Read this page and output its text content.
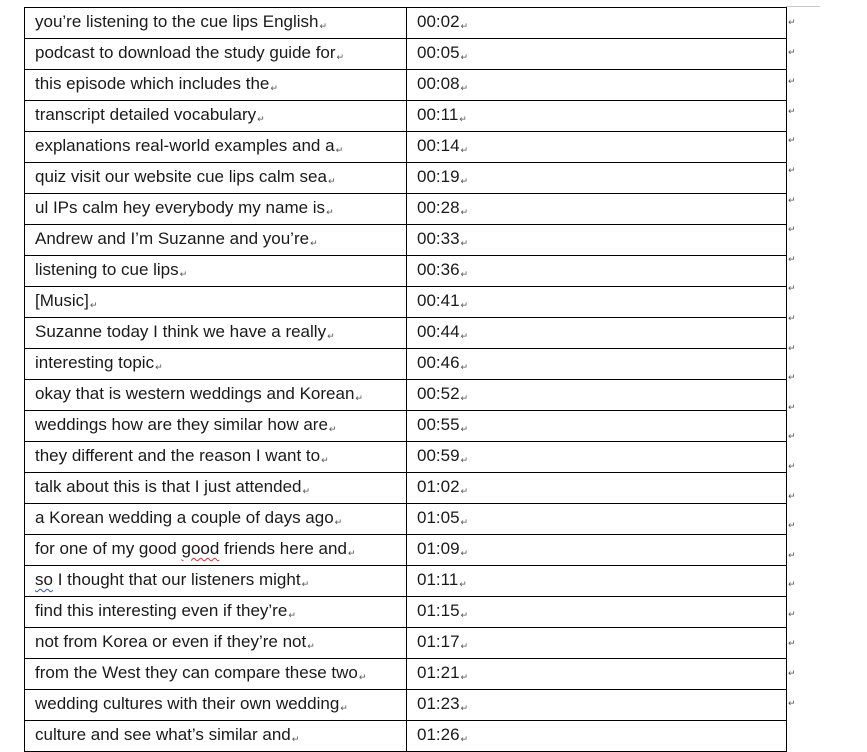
you’re listening to the cue lips English↵	00:02↵
podcast to download the study guide for↵	00:05↵
this episode which includes the↵	00:08↵
transcript detailed vocabulary↵	00:11↵
explanations real-world examples and a↵	00:14↵
quiz visit our website cue lips calm sea↵	00:19↵
ul IPs calm hey everybody my name is↵	00:28↵
Andrew and I’m Suzanne and you’re↵	00:33↵
listening to cue lips↵	00:36↵
[Music]↵	00:41↵
Suzanne today I think we have a really↵	00:44↵
interesting topic↵	00:46↵
okay that is western weddings and Korean↵	00:52↵
weddings how are they similar how are↵	00:55↵
they different and the reason I want to↵	00:59↵
talk about this is that I just attended↵	01:02↵
a Korean wedding a couple of days ago↵	01:05↵
for one of my good good friends here and↵	01:09↵
so I thought that our listeners might↵	01:11↵
find this interesting even if they’re↵	01:15↵
not from Korea or even if they’re not↵	01:17↵
from the West they can compare these two↵	01:21↵
wedding cultures with their own wedding↵	01:23↵
culture and see what’s similar and↵	01:26↵
↵
↵
↵
↵
↵
↵
↵
↵
↵
↵
↵
↵
↵
↵
↵
↵
↵
↵
↵
↵
↵
↵
↵
↵
